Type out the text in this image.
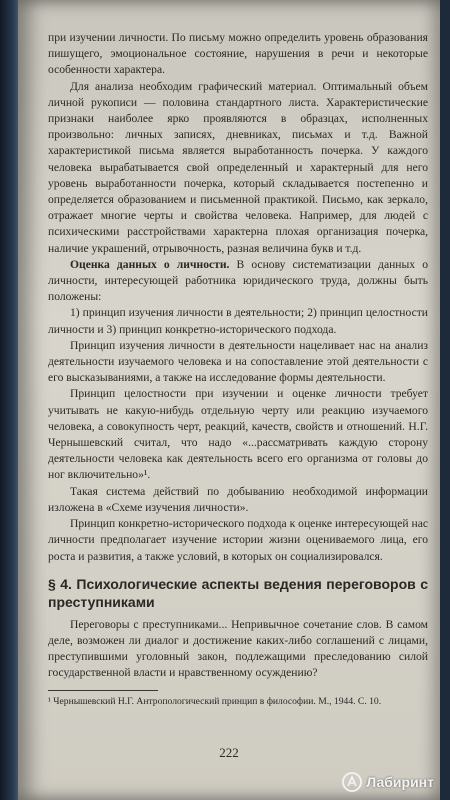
при изучении личности. По письму можно определить уровень образования пишущего, эмоциональное состояние, нарушения в речи и некоторые особенности характера.

Для анализа необходим графический материал. Оптимальный объем личной рукописи — половина стандартного листа. Характеристические признаки наиболее ярко проявляются в образцах, исполненных произвольно: личных записях, дневниках, письмах и т.д. Важной характеристикой письма является выработанность почерка. У каждого человека вырабатывается свой определенный и характерный для него уровень выработанности почерка, который складывается постепенно и определяется образованием и письменной практикой. Письмо, как зеркало, отражает многие черты и свойства человека. Например, для людей с психическими расстройствами характерна плохая организация почерка, наличие украшений, отрывочность, разная величина букв и т.д.

Оценка данных о личности. В основу систематизации данных о личности, интересующей работника юридического труда, должны быть положены:

1) принцип изучения личности в деятельности; 2) принцип целостности личности и 3) принцип конкретно-исторического подхода.

Принцип изучения личности в деятельности нацеливает нас на анализ деятельности изучаемого человека и на сопоставление этой деятельности с его высказываниями, а также на исследование формы деятельности.

Принцип целостности при изучении и оценке личности требует учитывать не какую-нибудь отдельную черту или реакцию изучаемого человека, а совокупность черт, реакций, качеств, свойств и отношений. Н.Г. Чернышевский считал, что надо «...рассматривать каждую сторону деятельности человека как деятельность всего его организма от головы до ног включительно»¹.

Такая система действий по добыванию необходимой информации изложена в «Схеме изучения личности».

Принцип конкретно-исторического подхода к оценке интересующей нас личности предполагает изучение истории жизни оцениваемого лица, его роста и развития, а также условий, в которых он социализировался.

§ 4. Психологические аспекты ведения переговоров с преступниками

Переговоры с преступниками... Непривычное сочетание слов. В самом деле, возможен ли диалог и достижение каких-либо соглашений с лицами, преступившими уголовный закон, подлежащими преследованию силой государственной власти и нравственному осуждению?

¹ Чернышевский Н.Г. Антропологический принцип в философии. М., 1944. С. 10.

222
Лабиринт
